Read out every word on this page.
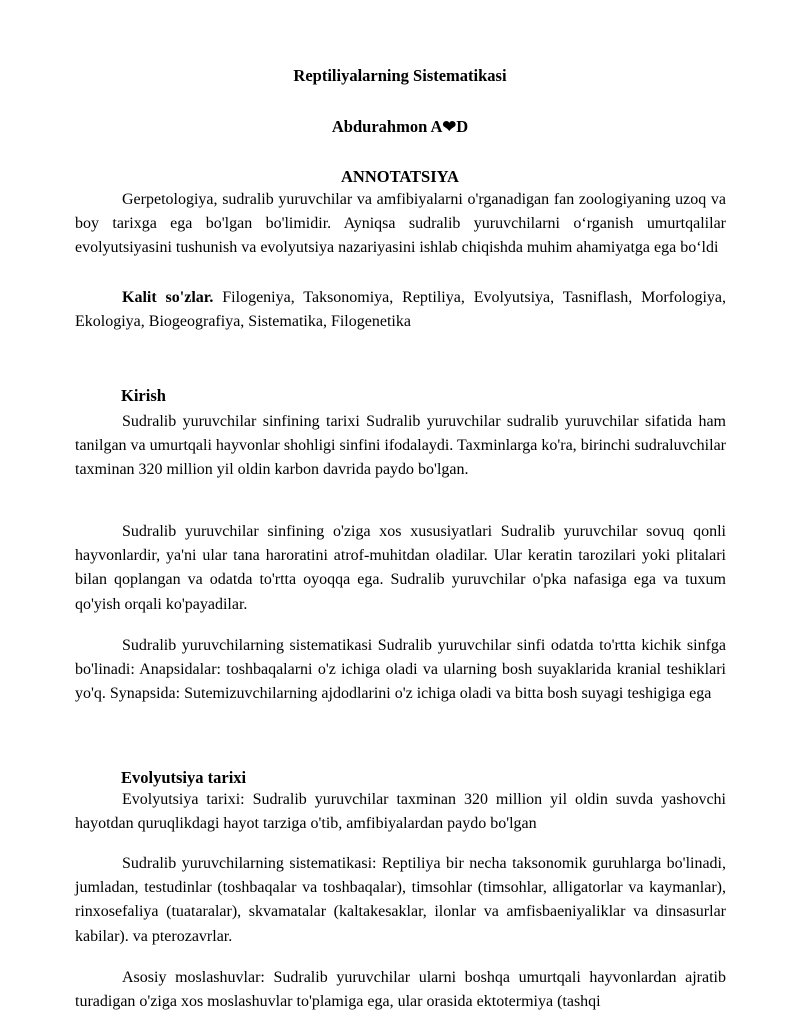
Reptiliyalarning Sistematikasi
Abdurahmon A❤D
ANNOTATSIYA

Gerpetologiya, sudralib yuruvchilar va amfibiyalarni o'rganadigan fan zoologiyaning uzoq va boy tarixga ega bo'lgan bo'limidir. Ayniqsa sudralib yuruvchilarni o‘rganish umurtqalilar evolyutsiyasini tushunish va evolyutsiya nazariyasini ishlab chiqishda muhim ahamiyatga ega bo‘ldi

Kalit so'zlar. Filogeniya, Taksonomiya, Reptiliya, Evolyutsiya, Tasniflash, Morfologiya, Ekologiya, Biogeografiya, Sistematika, Filogenetika

Kirish

Sudralib yuruvchilar sinfining tarixi Sudralib yuruvchilar sudralib yuruvchilar sifatida ham tanilgan va umurtqali hayvonlar shohligi sinfini ifodalaydi. Taxminlarga ko'ra, birinchi sudraluvchilar taxminan 320 million yil oldin karbon davrida paydo bo'lgan.

Sudralib yuruvchilar sinfining o'ziga xos xususiyatlari Sudralib yuruvchilar sovuq qonli hayvonlardir, ya'ni ular tana haroratini atrof-muhitdan oladilar. Ular keratin tarozilari yoki plitalari bilan qoplangan va odatda to'rtta oyoqqa ega. Sudralib yuruvchilar o'pka nafasiga ega va tuxum qo'yish orqali ko'payadilar.

Sudralib yuruvchilarning sistematikasi Sudralib yuruvchilar sinfi odatda to'rtta kichik sinfga bo'linadi: Anapsidalar: toshbaqalarni o'z ichiga oladi va ularning bosh suyaklarida kranial teshiklari yo'q. Synapsida: Sutemizuvchilarning ajdodlarini o'z ichiga oladi va bitta bosh suyagi teshigiga ega

Evolyutsiya tarixi

Evolyutsiya tarixi: Sudralib yuruvchilar taxminan 320 million yil oldin suvda yashovchi hayotdan quruqlikdagi hayot tarziga o'tib, amfibiyalardan paydo bo'lgan

Sudralib yuruvchilarning sistematikasi: Reptiliya bir necha taksonomik guruhlarga bo'linadi, jumladan, testudinlar (toshbaqalar va toshbaqalar), timsohlar (timsohlar, alligatorlar va kaymanlar), rinxosefaliya (tuataralar), skvamatalar (kaltakesaklar, ilonlar va amfisbaeniyaliklar va dinsasurlar kabilar). va pterozavrlar.

Asosiy moslashuvlar: Sudralib yuruvchilar ularni boshqa umurtqali hayvonlardan ajratib turadigan o'ziga xos moslashuvlar to'plamiga ega, ular orasida ektotermiya (tashqi
